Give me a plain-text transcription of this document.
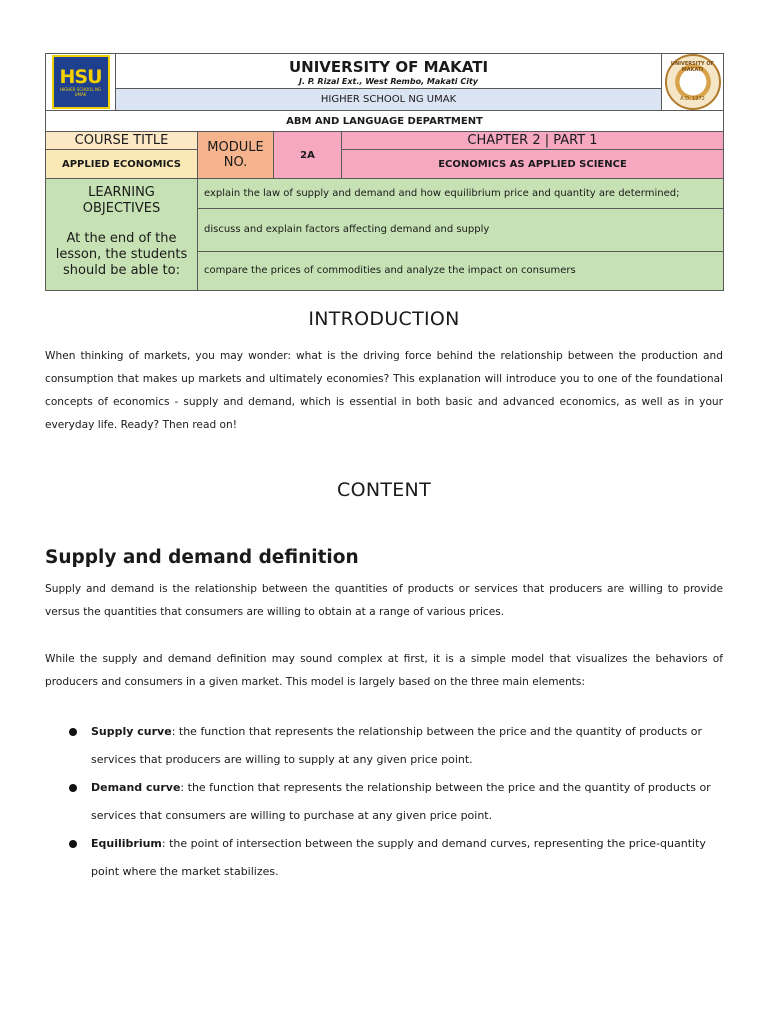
HSU
HIGHER SCHOOL NG UMAK	UNIVERSITY OF MAKATI
J. P. Rizal Ext., West Rembo, Makati City				UNIVERSITY OF MAKATI
A.D. 1972

	HIGHER SCHOOL NG UMAK				
ABM AND LANGUAGE DEPARTMENT					
COURSE TITLE		MODULE NO.	2A	CHAPTER 2 | PART 1	
APPLIED ECONOMICS				ECONOMICS AS APPLIED SCIENCE	

LEARNING
OBJECTIVES
At the end of the lesson, the students should be able to:		explain the law of supply and demand and how equilibrium price and quantity are determined;			
		discuss and explain factors affecting demand and supply			
		compare the prices of commodities and analyze the impact on consumers			
INTRODUCTION

When thinking of markets, you may wonder: what is the driving force behind the relationship between the production and consumption that makes up markets and ultimately economies? This explanation will introduce you to one of the foundational concepts of economics - supply and demand, which is essential in both basic and advanced economics, as well as in your everyday life. Ready? Then read on!

CONTENT
Supply and demand definition

Supply and demand is the relationship between the quantities of products or services that producers are willing to provide versus the quantities that consumers are willing to obtain at a range of various prices.

While the supply and demand definition may sound complex at first, it is a simple model that visualizes the behaviors of producers and consumers in a given market. This model is largely based on the three main elements:

Supply curve: the function that represents the relationship between the price and the quantity of products or services that producers are willing to supply at any given price point.
Demand curve: the function that represents the relationship between the price and the quantity of products or services that consumers are willing to purchase at any given price point.
Equilibrium: the point of intersection between the supply and demand curves, representing the price-quantity point where the market stabilizes.
